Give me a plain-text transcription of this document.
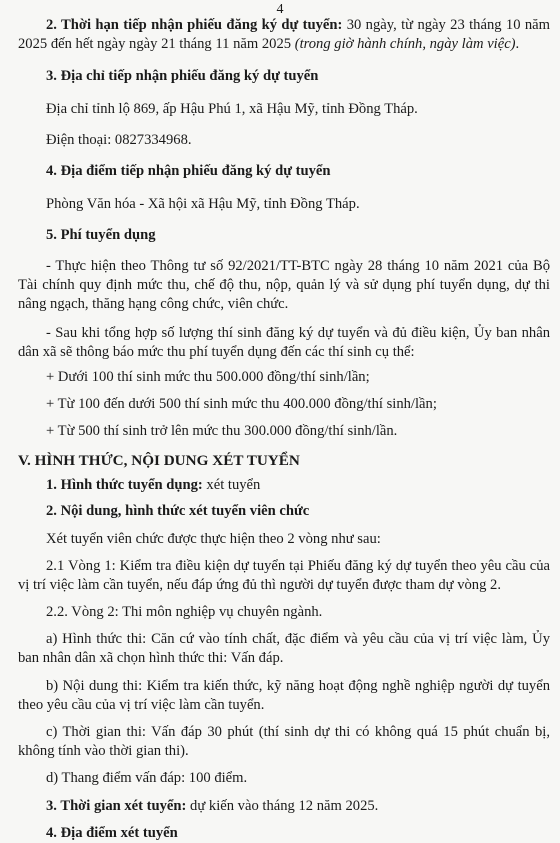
4

2. Thời hạn tiếp nhận phiếu đăng ký dự tuyển: 30 ngày, từ ngày 23 tháng 10 năm 2025 đến hết ngày ngày 21 tháng 11 năm 2025 (trong giờ hành chính, ngày làm việc).

3. Địa chỉ tiếp nhận phiếu đăng ký dự tuyển

Địa chỉ tỉnh lộ 869, ấp Hậu Phú 1, xã Hậu Mỹ, tỉnh Đồng Tháp.

Điện thoại: 0827334968.

4. Địa điểm tiếp nhận phiếu đăng ký dự tuyển

Phòng Văn hóa - Xã hội xã Hậu Mỹ, tỉnh Đồng Tháp.

5. Phí tuyển dụng

- Thực hiện theo Thông tư số 92/2021/TT-BTC ngày 28 tháng 10 năm 2021 của Bộ Tài chính quy định mức thu, chế độ thu, nộp, quản lý và sử dụng phí tuyển dụng, dự thi nâng ngạch, thăng hạng công chức, viên chức.

- Sau khi tổng hợp số lượng thí sinh đăng ký dự tuyển và đủ điều kiện, Ủy ban nhân dân xã sẽ thông báo mức thu phí tuyển dụng đến các thí sinh cụ thể:

+ Dưới 100 thí sinh mức thu 500.000 đồng/thí sinh/lần;

+ Từ 100 đến dưới 500 thí sinh mức thu 400.000 đồng/thí sinh/lần;

+ Từ 500 thí sinh trở lên mức thu 300.000 đồng/thí sinh/lần.

V. HÌNH THỨC, NỘI DUNG XÉT TUYỂN

1. Hình thức tuyển dụng: xét tuyển

2. Nội dung, hình thức xét tuyển viên chức

Xét tuyển viên chức được thực hiện theo 2 vòng như sau:

2.1 Vòng 1: Kiểm tra điều kiện dự tuyển tại Phiếu đăng ký dự tuyển theo yêu cầu của vị trí việc làm cần tuyển, nếu đáp ứng đủ thì người dự tuyển được tham dự vòng 2.

2.2. Vòng 2: Thi môn nghiệp vụ chuyên ngành.

a) Hình thức thi: Căn cứ vào tính chất, đặc điểm và yêu cầu của vị trí việc làm, Ủy ban nhân dân xã chọn hình thức thi: Vấn đáp.

b) Nội dung thi: Kiểm tra kiến thức, kỹ năng hoạt động nghề nghiệp người dự tuyển theo yêu cầu của vị trí việc làm cần tuyển.

c) Thời gian thi: Vấn đáp 30 phút (thí sinh dự thi có không quá 15 phút chuẩn bị, không tính vào thời gian thi).

d) Thang điểm vấn đáp: 100 điểm.

3. Thời gian xét tuyển: dự kiến vào tháng 12 năm 2025.

4. Địa điểm xét tuyển
